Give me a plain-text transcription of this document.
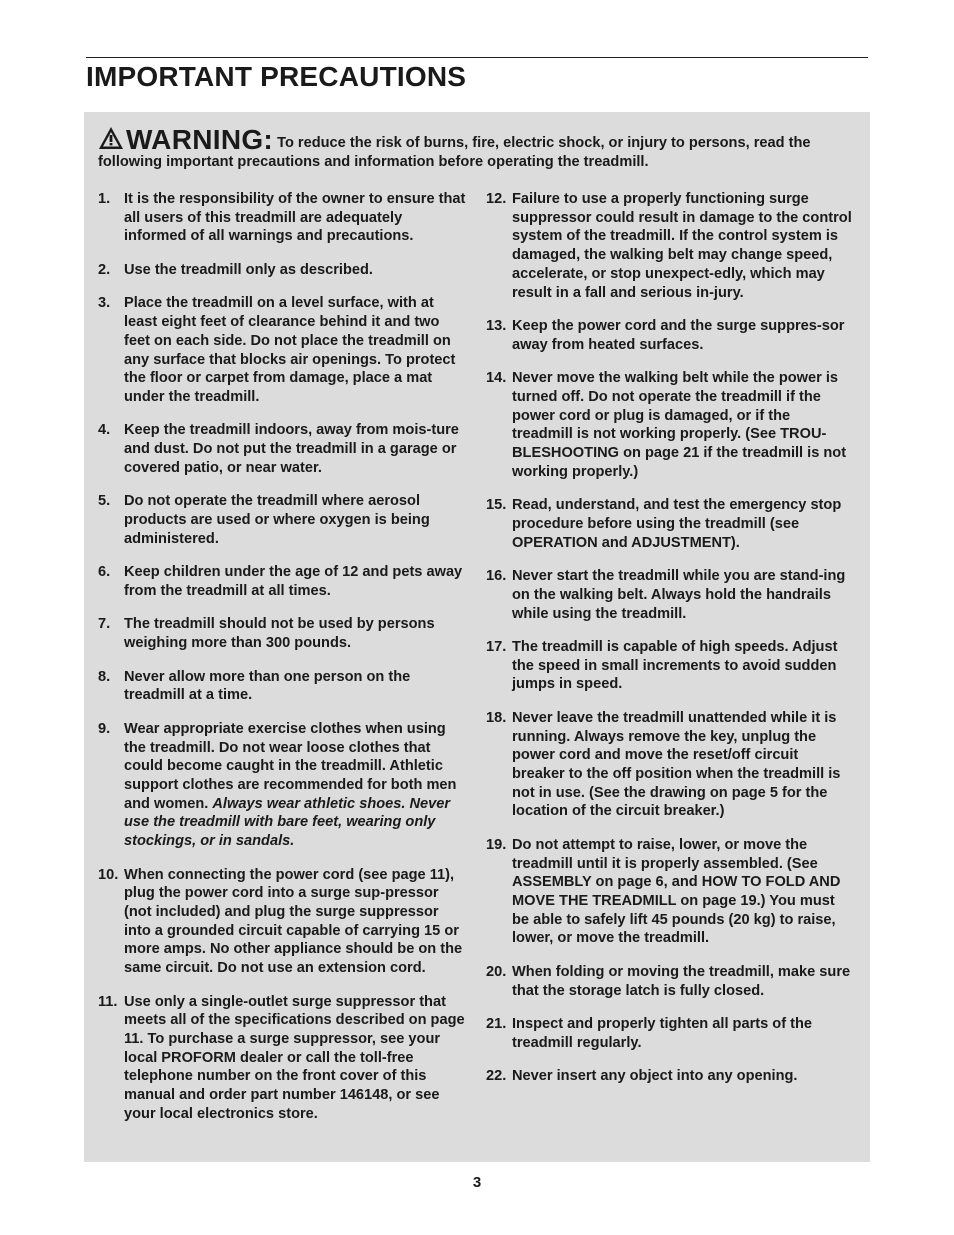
IMPORTANT PRECAUTIONS
WARNING: To reduce the risk of burns, fire, electric shock, or injury to persons, read the following important precautions and information before operating the treadmill.
1. It is the responsibility of the owner to ensure that all users of this treadmill are adequately informed of all warnings and precautions.
2. Use the treadmill only as described.
3. Place the treadmill on a level surface, with at least eight feet of clearance behind it and two feet on each side. Do not place the treadmill on any surface that blocks air openings. To protect the floor or carpet from damage, place a mat under the treadmill.
4. Keep the treadmill indoors, away from mois-ture and dust. Do not put the treadmill in a garage or covered patio, or near water.
5. Do not operate the treadmill where aerosol products are used or where oxygen is being administered.
6. Keep children under the age of 12 and pets away from the treadmill at all times.
7. The treadmill should not be used by persons weighing more than 300 pounds.
8. Never allow more than one person on the treadmill at a time.
9. Wear appropriate exercise clothes when using the treadmill. Do not wear loose clothes that could become caught in the treadmill. Athletic support clothes are recommended for both men and women. Always wear athletic shoes. Never use the treadmill with bare feet, wearing only stockings, or in sandals.
10. When connecting the power cord (see page 11), plug the power cord into a surge sup-pressor (not included) and plug the surge suppressor into a grounded circuit capable of carrying 15 or more amps. No other appliance should be on the same circuit. Do not use an extension cord.
11. Use only a single-outlet surge suppressor that meets all of the specifications described on page 11. To purchase a surge suppressor, see your local PROFORM dealer or call the toll-free telephone number on the front cover of this manual and order part number 146148, or see your local electronics store.
12. Failure to use a properly functioning surge suppressor could result in damage to the control system of the treadmill. If the control system is damaged, the walking belt may change speed, accelerate, or stop unexpect-edly, which may result in a fall and serious in-jury.
13. Keep the power cord and the surge suppres-sor away from heated surfaces.
14. Never move the walking belt while the power is turned off. Do not operate the treadmill if the power cord or plug is damaged, or if the treadmill is not working properly. (See TROU-BLESHOOTING on page 21 if the treadmill is not working properly.)
15. Read, understand, and test the emergency stop procedure before using the treadmill (see OPERATION and ADJUSTMENT).
16. Never start the treadmill while you are stand-ing on the walking belt. Always hold the handrails while using the treadmill.
17. The treadmill is capable of high speeds. Adjust the speed in small increments to avoid sudden jumps in speed.
18. Never leave the treadmill unattended while it is running. Always remove the key, unplug the power cord and move the reset/off circuit breaker to the off position when the treadmill is not in use. (See the drawing on page 5 for the location of the circuit breaker.)
19. Do not attempt to raise, lower, or move the treadmill until it is properly assembled. (See ASSEMBLY on page 6, and HOW TO FOLD AND MOVE THE TREADMILL on page 19.) You must be able to safely lift 45 pounds (20 kg) to raise, lower, or move the treadmill.
20. When folding or moving the treadmill, make sure that the storage latch is fully closed.
21. Inspect and properly tighten all parts of the treadmill regularly.
22. Never insert any object into any opening.
3
